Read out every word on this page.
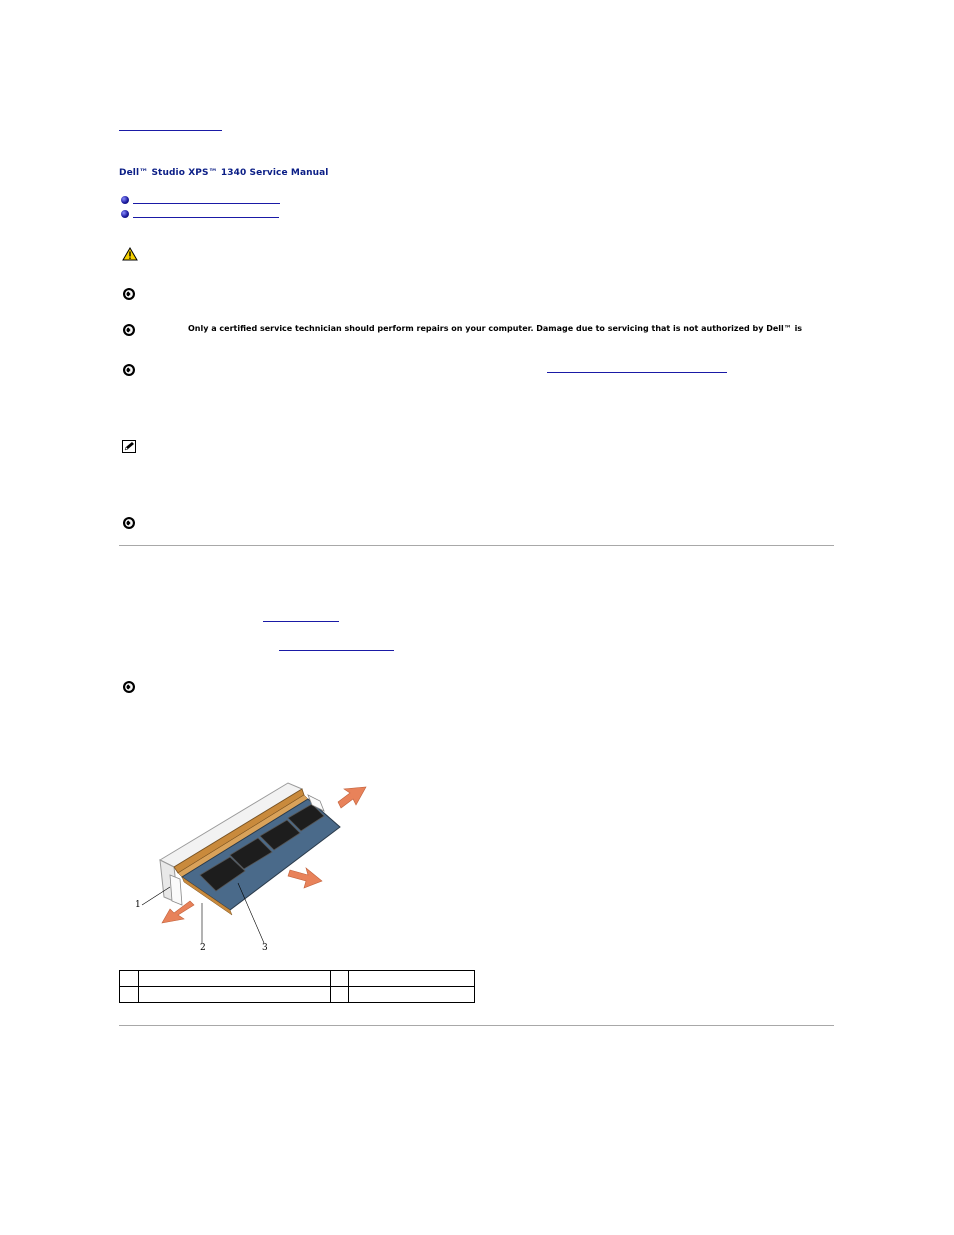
Dell™ Studio XPS™ 1340 Service Manual
Only a certified service technician should perform repairs on your computer. Damage due to servicing that is not authorized by Dell™ is
1
2	3
